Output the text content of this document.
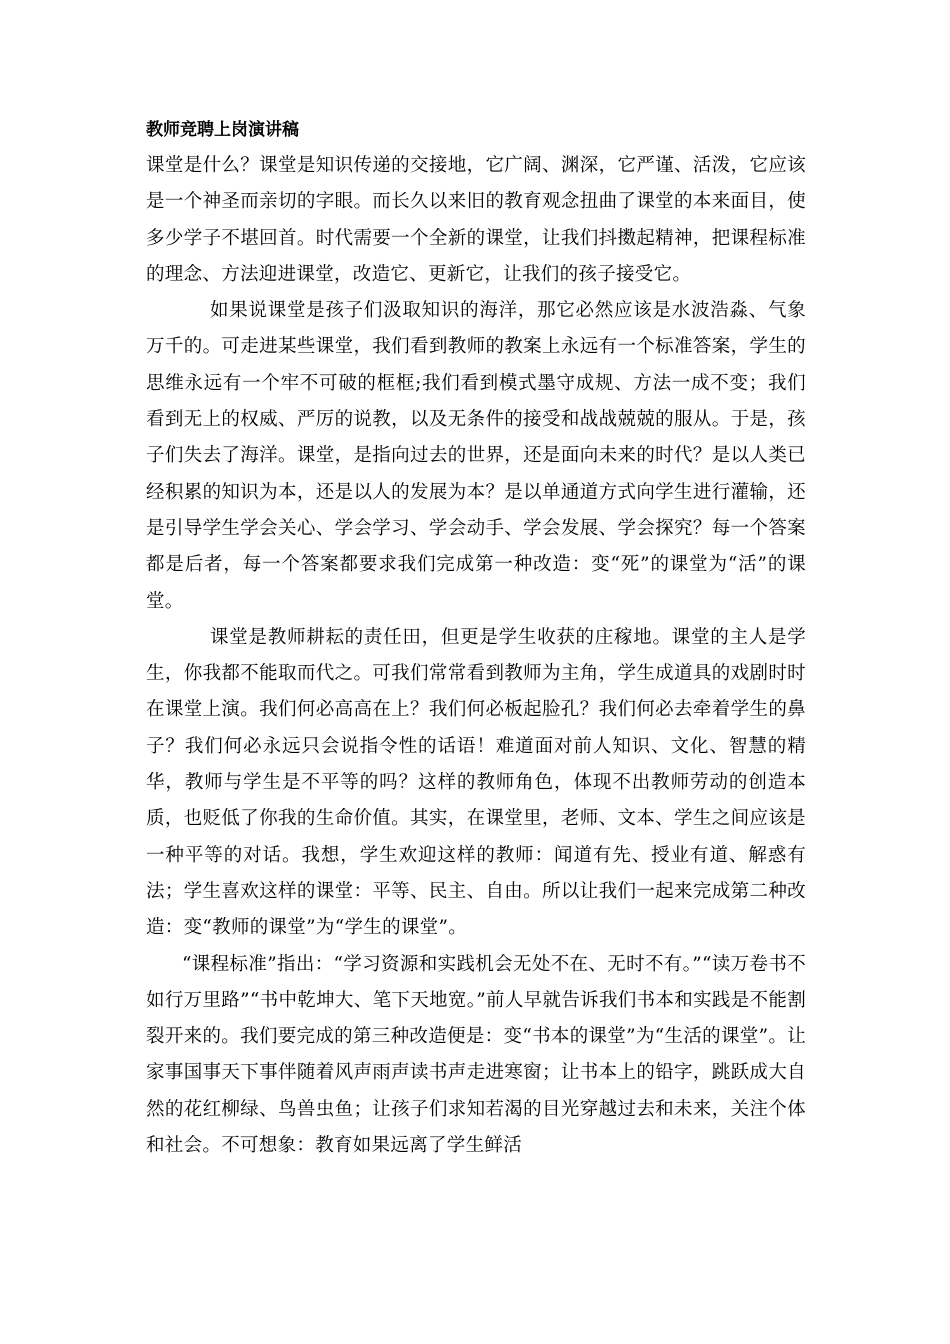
教师竞聘上岗演讲稿

课堂是什么？课堂是知识传递的交接地，它广阔、渊深，它严谨、活泼，它应该是一个神圣而亲切的字眼。而长久以来旧的教育观念扭曲了课堂的本来面目，使多少学子不堪回首。时代需要一个全新的课堂，让我们抖擞起精神，把课程标准的理念、方法迎进课堂，改造它、更新它，让我们的孩子接受它。

如果说课堂是孩子们汲取知识的海洋，那它必然应该是水波浩淼、气象万千的。可走进某些课堂，我们看到教师的教案上永远有一个标准答案，学生的思维永远有一个牢不可破的框框;我们看到模式墨守成规、方法一成不变；我们看到无上的权威、严厉的说教，以及无条件的接受和战战兢兢的服从。于是，孩子们失去了海洋。课堂，是指向过去的世界，还是面向未来的时代？是以人类已经积累的知识为本，还是以人的发展为本？是以单通道方式向学生进行灌输，还是引导学生学会关心、学会学习、学会动手、学会发展、学会探究？每一个答案都是后者，每一个答案都要求我们完成第一种改造：变“死”的课堂为“活”的课堂。

课堂是教师耕耘的责任田，但更是学生收获的庄稼地。课堂的主人是学生，你我都不能取而代之。可我们常常看到教师为主角，学生成道具的戏剧时时在课堂上演。我们何必高高在上？我们何必板起脸孔？我们何必去牵着学生的鼻子？我们何必永远只会说指令性的话语！难道面对前人知识、文化、智慧的精华，教师与学生是不平等的吗？这样的教师角色，体现不出教师劳动的创造本质，也贬低了你我的生命价值。其实，在课堂里，老师、文本、学生之间应该是一种平等的对话。我想，学生欢迎这样的教师：闻道有先、授业有道、解惑有法；学生喜欢这样的课堂：平等、民主、自由。所以让我们一起来完成第二种改造：变“教师的课堂”为“学生的课堂”。

“课程标准”指出：“学习资源和实践机会无处不在、无时不有。”“读万卷书不如行万里路”“书中乾坤大、笔下天地宽。”前人早就告诉我们书本和实践是不能割裂开来的。我们要完成的第三种改造便是：变“书本的课堂”为“生活的课堂”。让家事国事天下事伴随着风声雨声读书声走进寒窗；让书本上的铅字，跳跃成大自然的花红柳绿、鸟兽虫鱼；让孩子们求知若渴的目光穿越过去和未来，关注个体和社会。不可想象：教育如果远离了学生鲜活
